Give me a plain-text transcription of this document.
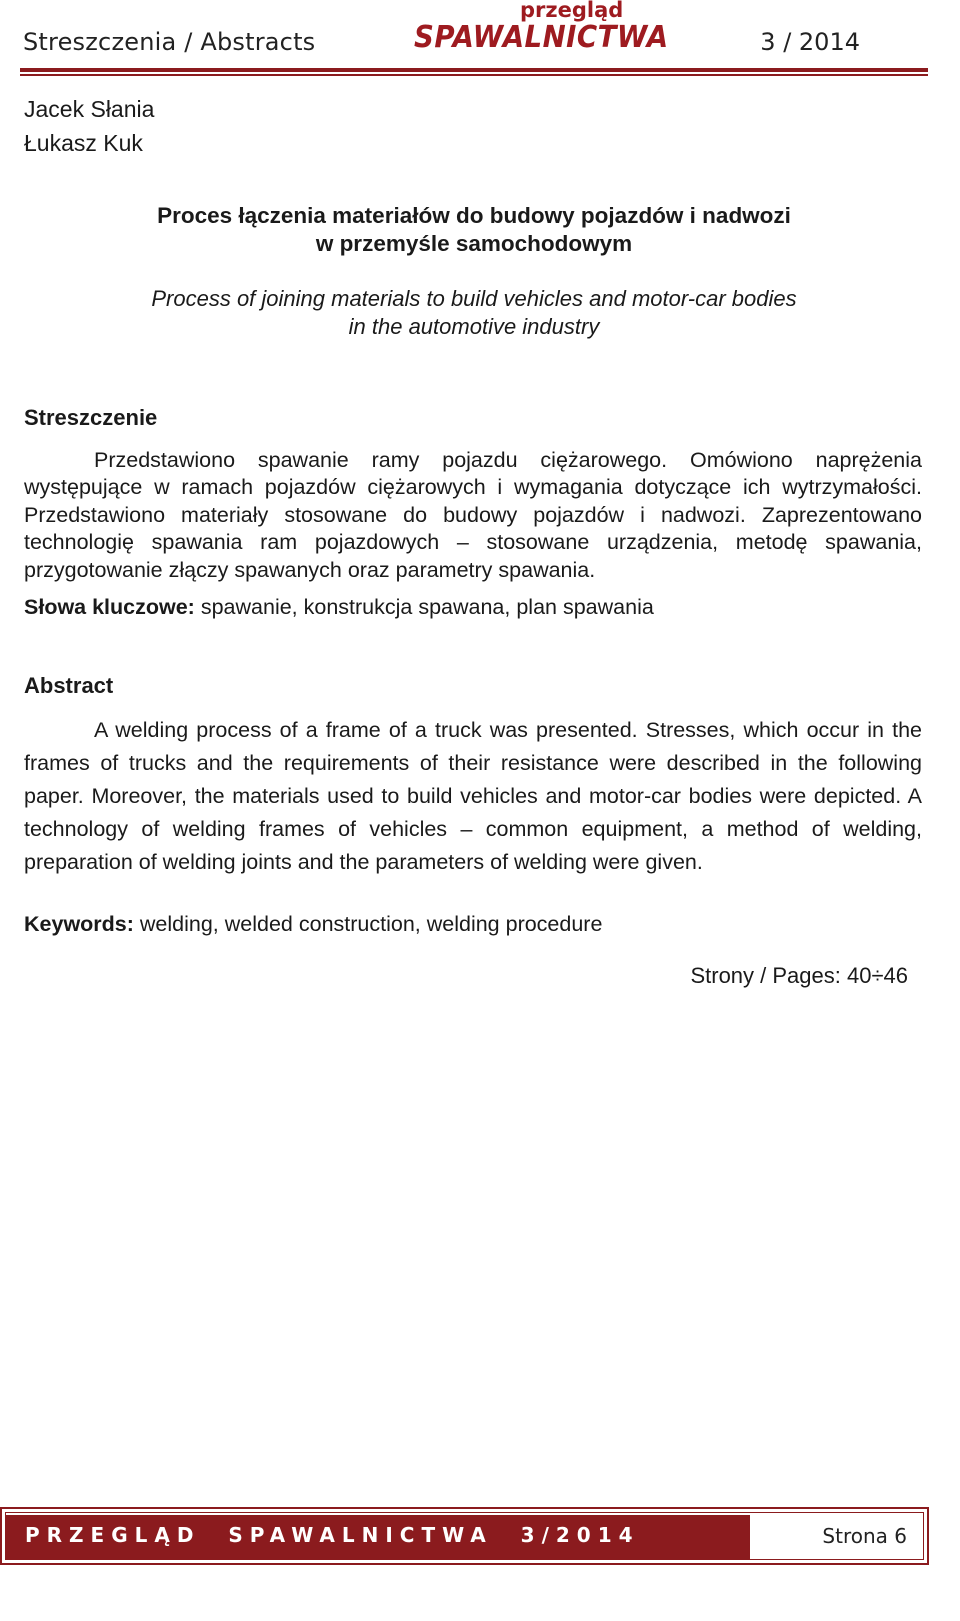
Streszczenia / Abstracts
przegląd
SPAWALNICTWA	3 / 2014
Jacek Słania
Łukasz Kuk
Proces łączenia materiałów do budowy pojazdów i nadwozi
w przemyśle samochodowym
Process of joining materials to build vehicles and motor-car bodies
in the automotive industry
Streszczenie
Przedstawiono spawanie ramy pojazdu ciężarowego. Omówiono naprężenia występujące w ramach pojazdów ciężarowych i wymagania dotyczące ich wytrzymałości. Przedstawiono materiały stosowane do budowy pojazdów i nadwozi. Zaprezentowano technologię spawania ram pojazdowych – stosowane urządzenia, metodę spawania, przygotowanie złączy spawanych oraz parametry spawania.
Słowa kluczowe: spawanie, konstrukcja spawana, plan spawania
Abstract
A welding process of a frame of a truck was presented. Stresses, which occur in the frames of trucks and the requirements of their resistance were described in the following paper. Moreover, the materials used to build vehicles and motor-car bodies were depicted. A technology of welding frames of vehicles – common equipment, a method of welding, preparation of welding joints and the parameters of welding were given.
Keywords: welding, welded construction, welding procedure
Strony / Pages: 40÷46
PRZEGLĄD  SPAWALNICTWA  3/2014	Strona 6
